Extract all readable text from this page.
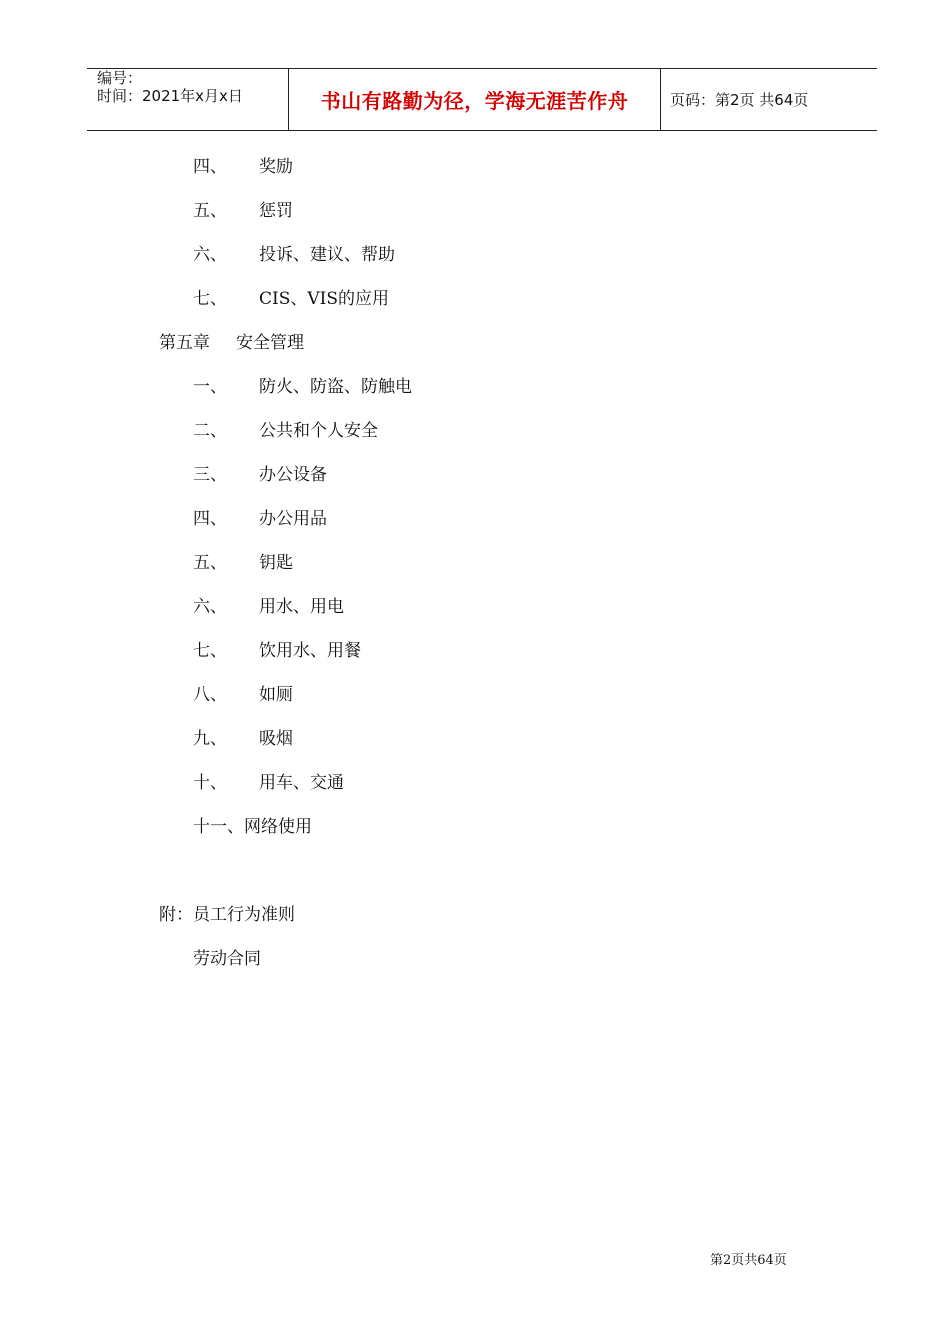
编号：
时间：2021年x月x日	书山有路勤为径，学海无涯苦作舟	页码：第2页 共64页
四、 奖励
五、 惩罚
六、 投诉、建议、帮助
七、 CIS、VIS的应用
第五章 安全管理
一、 防火、防盗、防触电
二、 公共和个人安全
三、 办公设备
四、 办公用品
五、 钥匙
六、 用水、用电
七、 饮用水、用餐
八、 如厕
九、 吸烟
十、 用车、交通
十一、网络使用
附：员工行为准则
劳动合同
第2页共64页
